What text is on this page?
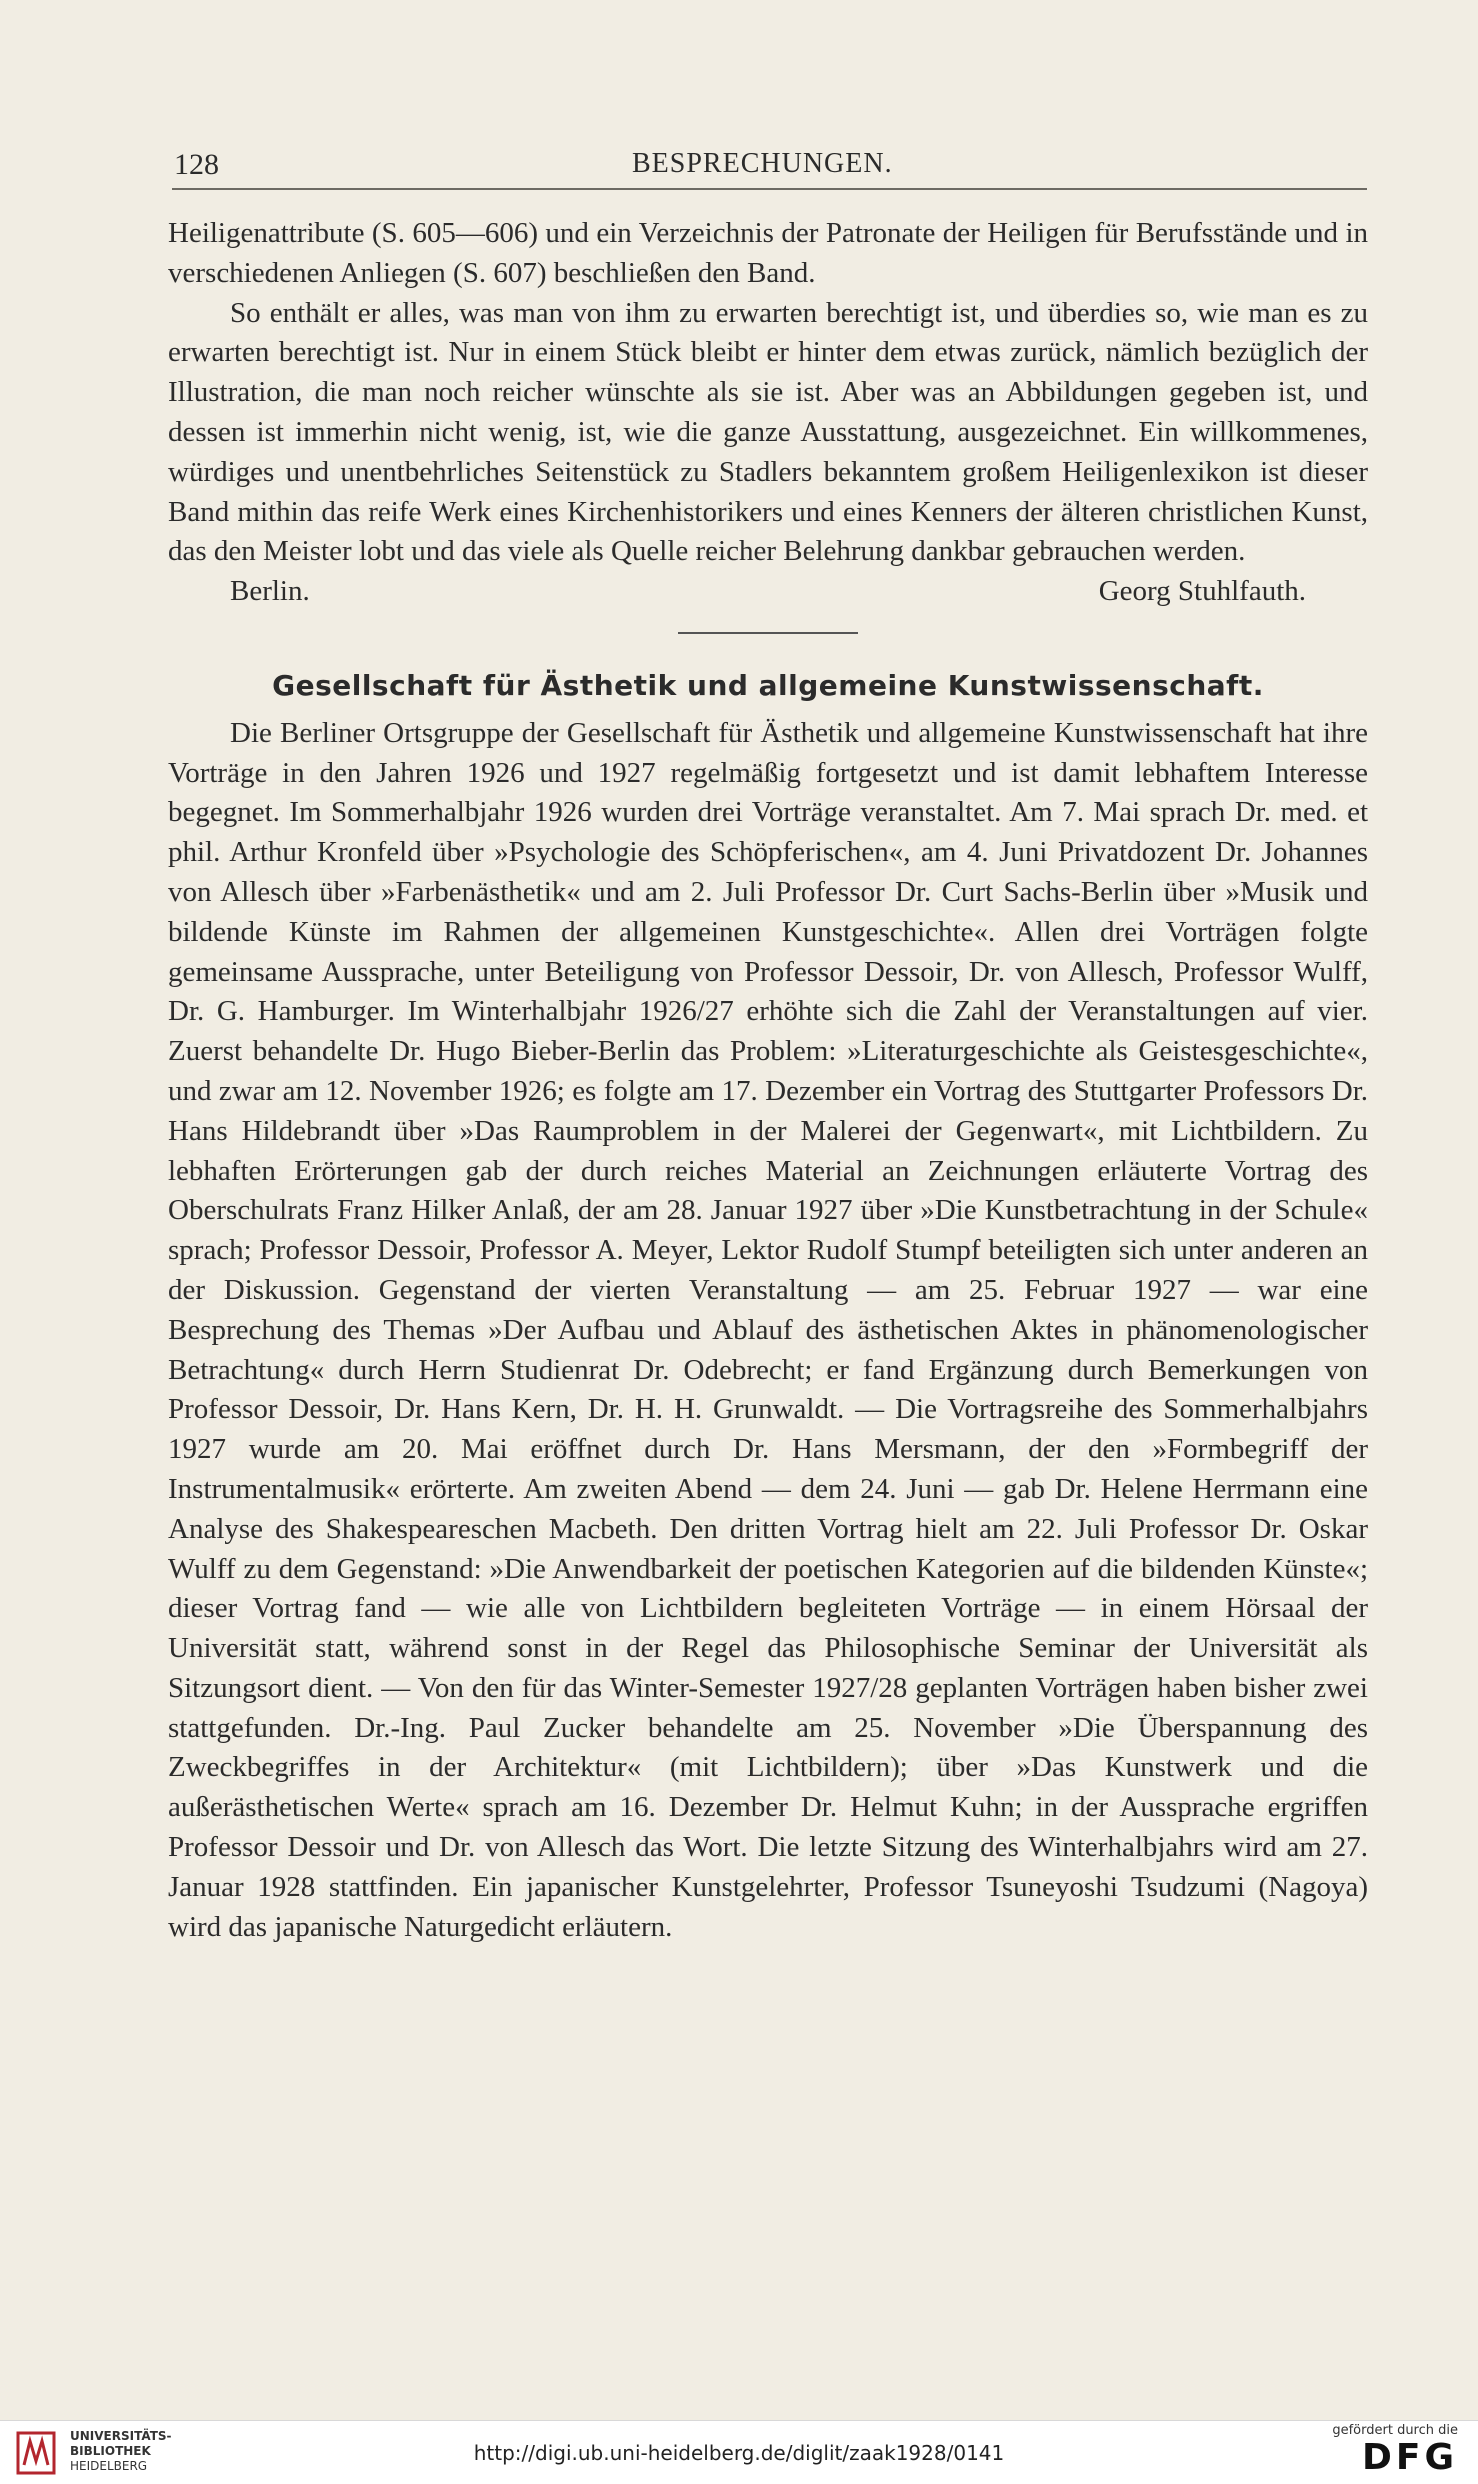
128	BESPRECHUNGEN.

Heiligenattribute (S. 605—606) und ein Verzeichnis der Patronate der Heiligen für Berufsstände und in verschiedenen Anliegen (S. 607) beschließen den Band.

So enthält er alles, was man von ihm zu erwarten berechtigt ist, und überdies so, wie man es zu erwarten berechtigt ist. Nur in einem Stück bleibt er hinter dem etwas zurück, nämlich bezüglich der Illustration, die man noch reicher wünschte als sie ist. Aber was an Abbildungen gegeben ist, und dessen ist immerhin nicht wenig, ist, wie die ganze Ausstattung, ausgezeichnet. Ein willkommenes, würdiges und unentbehrliches Seitenstück zu Stadlers bekanntem großem Heiligenlexikon ist dieser Band mithin das reife Werk eines Kirchenhistorikers und eines Kenners der älteren christlichen Kunst, das den Meister lobt und das viele als Quelle reicher Belehrung dankbar gebrauchen werden.

Berlin.	Georg Stuhlfauth.
Gesellschaft für Ästhetik und allgemeine Kunstwissenschaft.

Die Berliner Ortsgruppe der Gesellschaft für Ästhetik und allgemeine Kunstwissenschaft hat ihre Vorträge in den Jahren 1926 und 1927 regelmäßig fortgesetzt und ist damit lebhaftem Interesse begegnet. Im Sommerhalbjahr 1926 wurden drei Vorträge veranstaltet. Am 7. Mai sprach Dr. med. et phil. Arthur Kronfeld über »Psychologie des Schöpferischen«, am 4. Juni Privatdozent Dr. Johannes von Allesch über »Farbenästhetik« und am 2. Juli Professor Dr. Curt Sachs-Berlin über »Musik und bildende Künste im Rahmen der allgemeinen Kunstgeschichte«. Allen drei Vorträgen folgte gemeinsame Aussprache, unter Beteiligung von Professor Dessoir, Dr. von Allesch, Professor Wulff, Dr. G. Hamburger. Im Winterhalbjahr 1926/27 erhöhte sich die Zahl der Veranstaltungen auf vier. Zuerst behandelte Dr. Hugo Bieber-Berlin das Problem: »Literaturgeschichte als Geistesgeschichte«, und zwar am 12. November 1926; es folgte am 17. Dezember ein Vortrag des Stuttgarter Professors Dr. Hans Hildebrandt über »Das Raumproblem in der Malerei der Gegenwart«, mit Lichtbildern. Zu lebhaften Erörterungen gab der durch reiches Material an Zeichnungen erläuterte Vortrag des Oberschulrats Franz Hilker Anlaß, der am 28. Januar 1927 über »Die Kunstbetrachtung in der Schule« sprach; Professor Dessoir, Professor A. Meyer, Lektor Rudolf Stumpf beteiligten sich unter anderen an der Diskussion. Gegenstand der vierten Veranstaltung — am 25. Februar 1927 — war eine Besprechung des Themas »Der Aufbau und Ablauf des ästhetischen Aktes in phänomenologischer Betrachtung« durch Herrn Studienrat Dr. Odebrecht; er fand Ergänzung durch Bemerkungen von Professor Dessoir, Dr. Hans Kern, Dr. H. H. Grunwaldt. — Die Vortragsreihe des Sommerhalbjahrs 1927 wurde am 20. Mai eröffnet durch Dr. Hans Mersmann, der den »Formbegriff der Instrumentalmusik« erörterte. Am zweiten Abend — dem 24. Juni — gab Dr. Helene Herrmann eine Analyse des Shakespeareschen Macbeth. Den dritten Vortrag hielt am 22. Juli Professor Dr. Oskar Wulff zu dem Gegenstand: »Die Anwendbarkeit der poetischen Kategorien auf die bildenden Künste«; dieser Vortrag fand — wie alle von Lichtbildern begleiteten Vorträge — in einem Hörsaal der Universität statt, während sonst in der Regel das Philosophische Seminar der Universität als Sitzungsort dient. — Von den für das Winter-Semester 1927/28 geplanten Vorträgen haben bisher zwei stattgefunden. Dr.-Ing. Paul Zucker behandelte am 25. November »Die Überspannung des Zweckbegriffes in der Architektur« (mit Lichtbildern); über »Das Kunstwerk und die außerästhetischen Werte« sprach am 16. Dezember Dr. Helmut Kuhn; in der Aussprache ergriffen Professor Dessoir und Dr. von Allesch das Wort. Die letzte Sitzung des Winterhalbjahrs wird am 27. Januar 1928 stattfinden. Ein japanischer Kunstgelehrter, Professor Tsuneyoshi Tsudzumi (Nagoya) wird das japanische Naturgedicht erläutern.

UNIVERSITÄTS-
BIBLIOTHEK
HEIDELBERG
http://digi.ub.uni-heidelberg.de/diglit/zaak1928/0141
gefördert durch die
DFG
